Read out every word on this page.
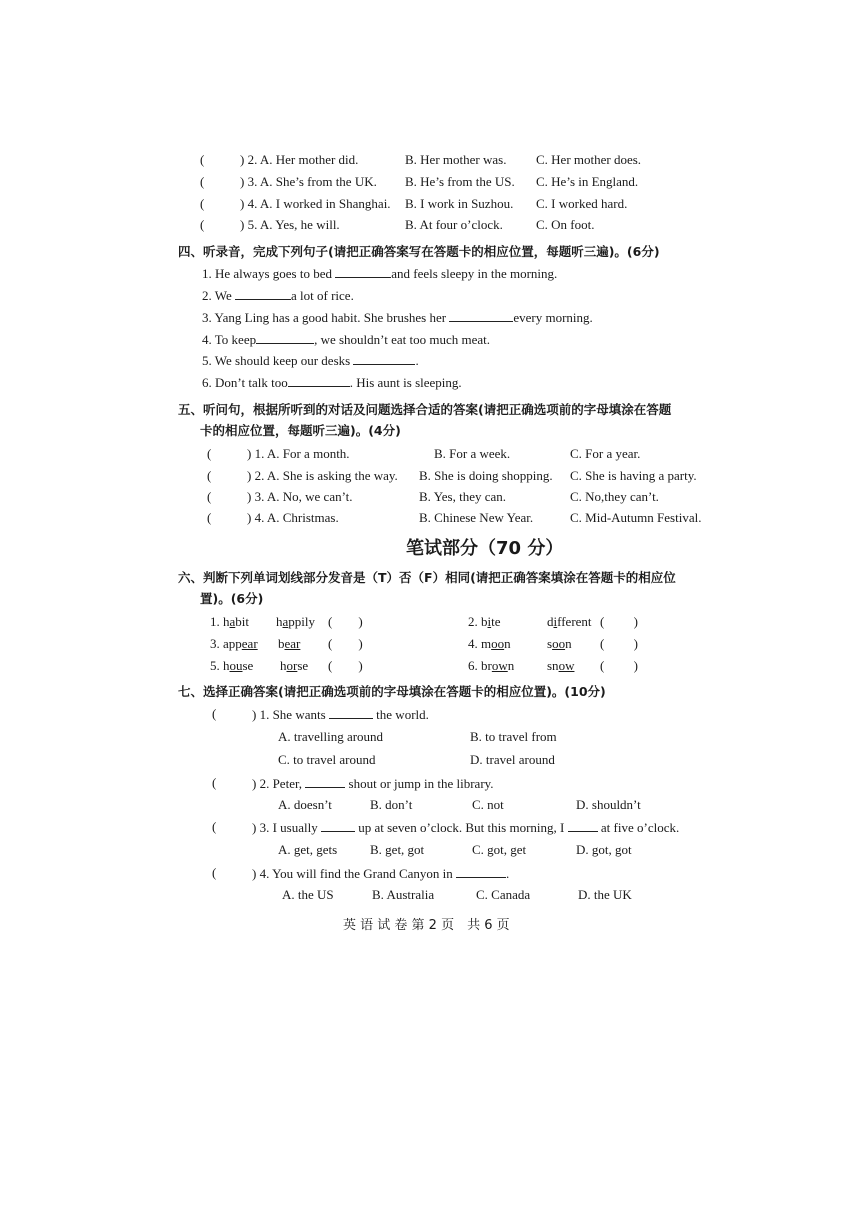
(	) 2. A. Her mother did.	B. Her mother was. C. Her mother does.
(	) 3. A. She’s from the UK. B. He’s from the US. C. He’s in England.
(	) 4. A. I worked in Shanghai. B. I work in Suzhou. C. I worked hard.
(	) 5. A. Yes, he will.	B. At four o’clock.	C. On foot.
四、听录音，完成下列句子(请把正确答案写在答题卡的相应位置，每题听三遍)。(6分)
1. He always goes to bed	and feels sleepy in the morning.
2. We	a lot of rice.
3. Yang Ling has a good habit. She brushes her	every morning.
4. To keep	, we shouldn’t eat too much meat.
5. We should keep our desks	.
6. Don’t talk too	. His aunt is sleeping.
五、听问句，根据所听到的对话及问题选择合适的答案(请把正确选项前的字母填涂在答题
卡的相应位置，每题听三遍)。(4分)
(	) 1. A. For a month.	B. For a week.	C. For a year.
(	) 2. A. She is asking the way. B. She is doing shopping. C. She is having a party.
(	) 3. A. No, we can’t.	B. Yes, they can.	C. No,they can’t.
(	) 4. A. Christmas.	B. Chinese New Year.	C. Mid-Autumn Festival.
笔试部分（70 分）
六、判断下列单词划线部分发音是（T）否（F）相同(请把正确答案填涂在答题卡的相应位
置)。(6分)
1. habit happily (        )	2. bite	different (         )
3. appear bear (        )	4. moon	soon (         )
5. house horse (        )	6. brown	snow (         )
七、选择正确答案(请把正确选项前的字母填涂在答题卡的相应位置)。(10分)
(	) 1. She wants	the world.
A. travelling around	B. to travel from
C. to travel around	D. travel around
(	) 2. Peter,	shout or jump in the library.
A. doesn’t	B. don’t	C. not	D. shouldn’t
(	) 3. I usually	up at seven o’clock. But this morning, I	at five o’clock.
A. get, gets	B. get, got	C. got, get	D. got, got
(	) 4. You will find the Grand Canyon in	.
A. the US	B. Australia	C. Canada	D. the UK
英 语 试 卷 第 2 页　共 6 页
